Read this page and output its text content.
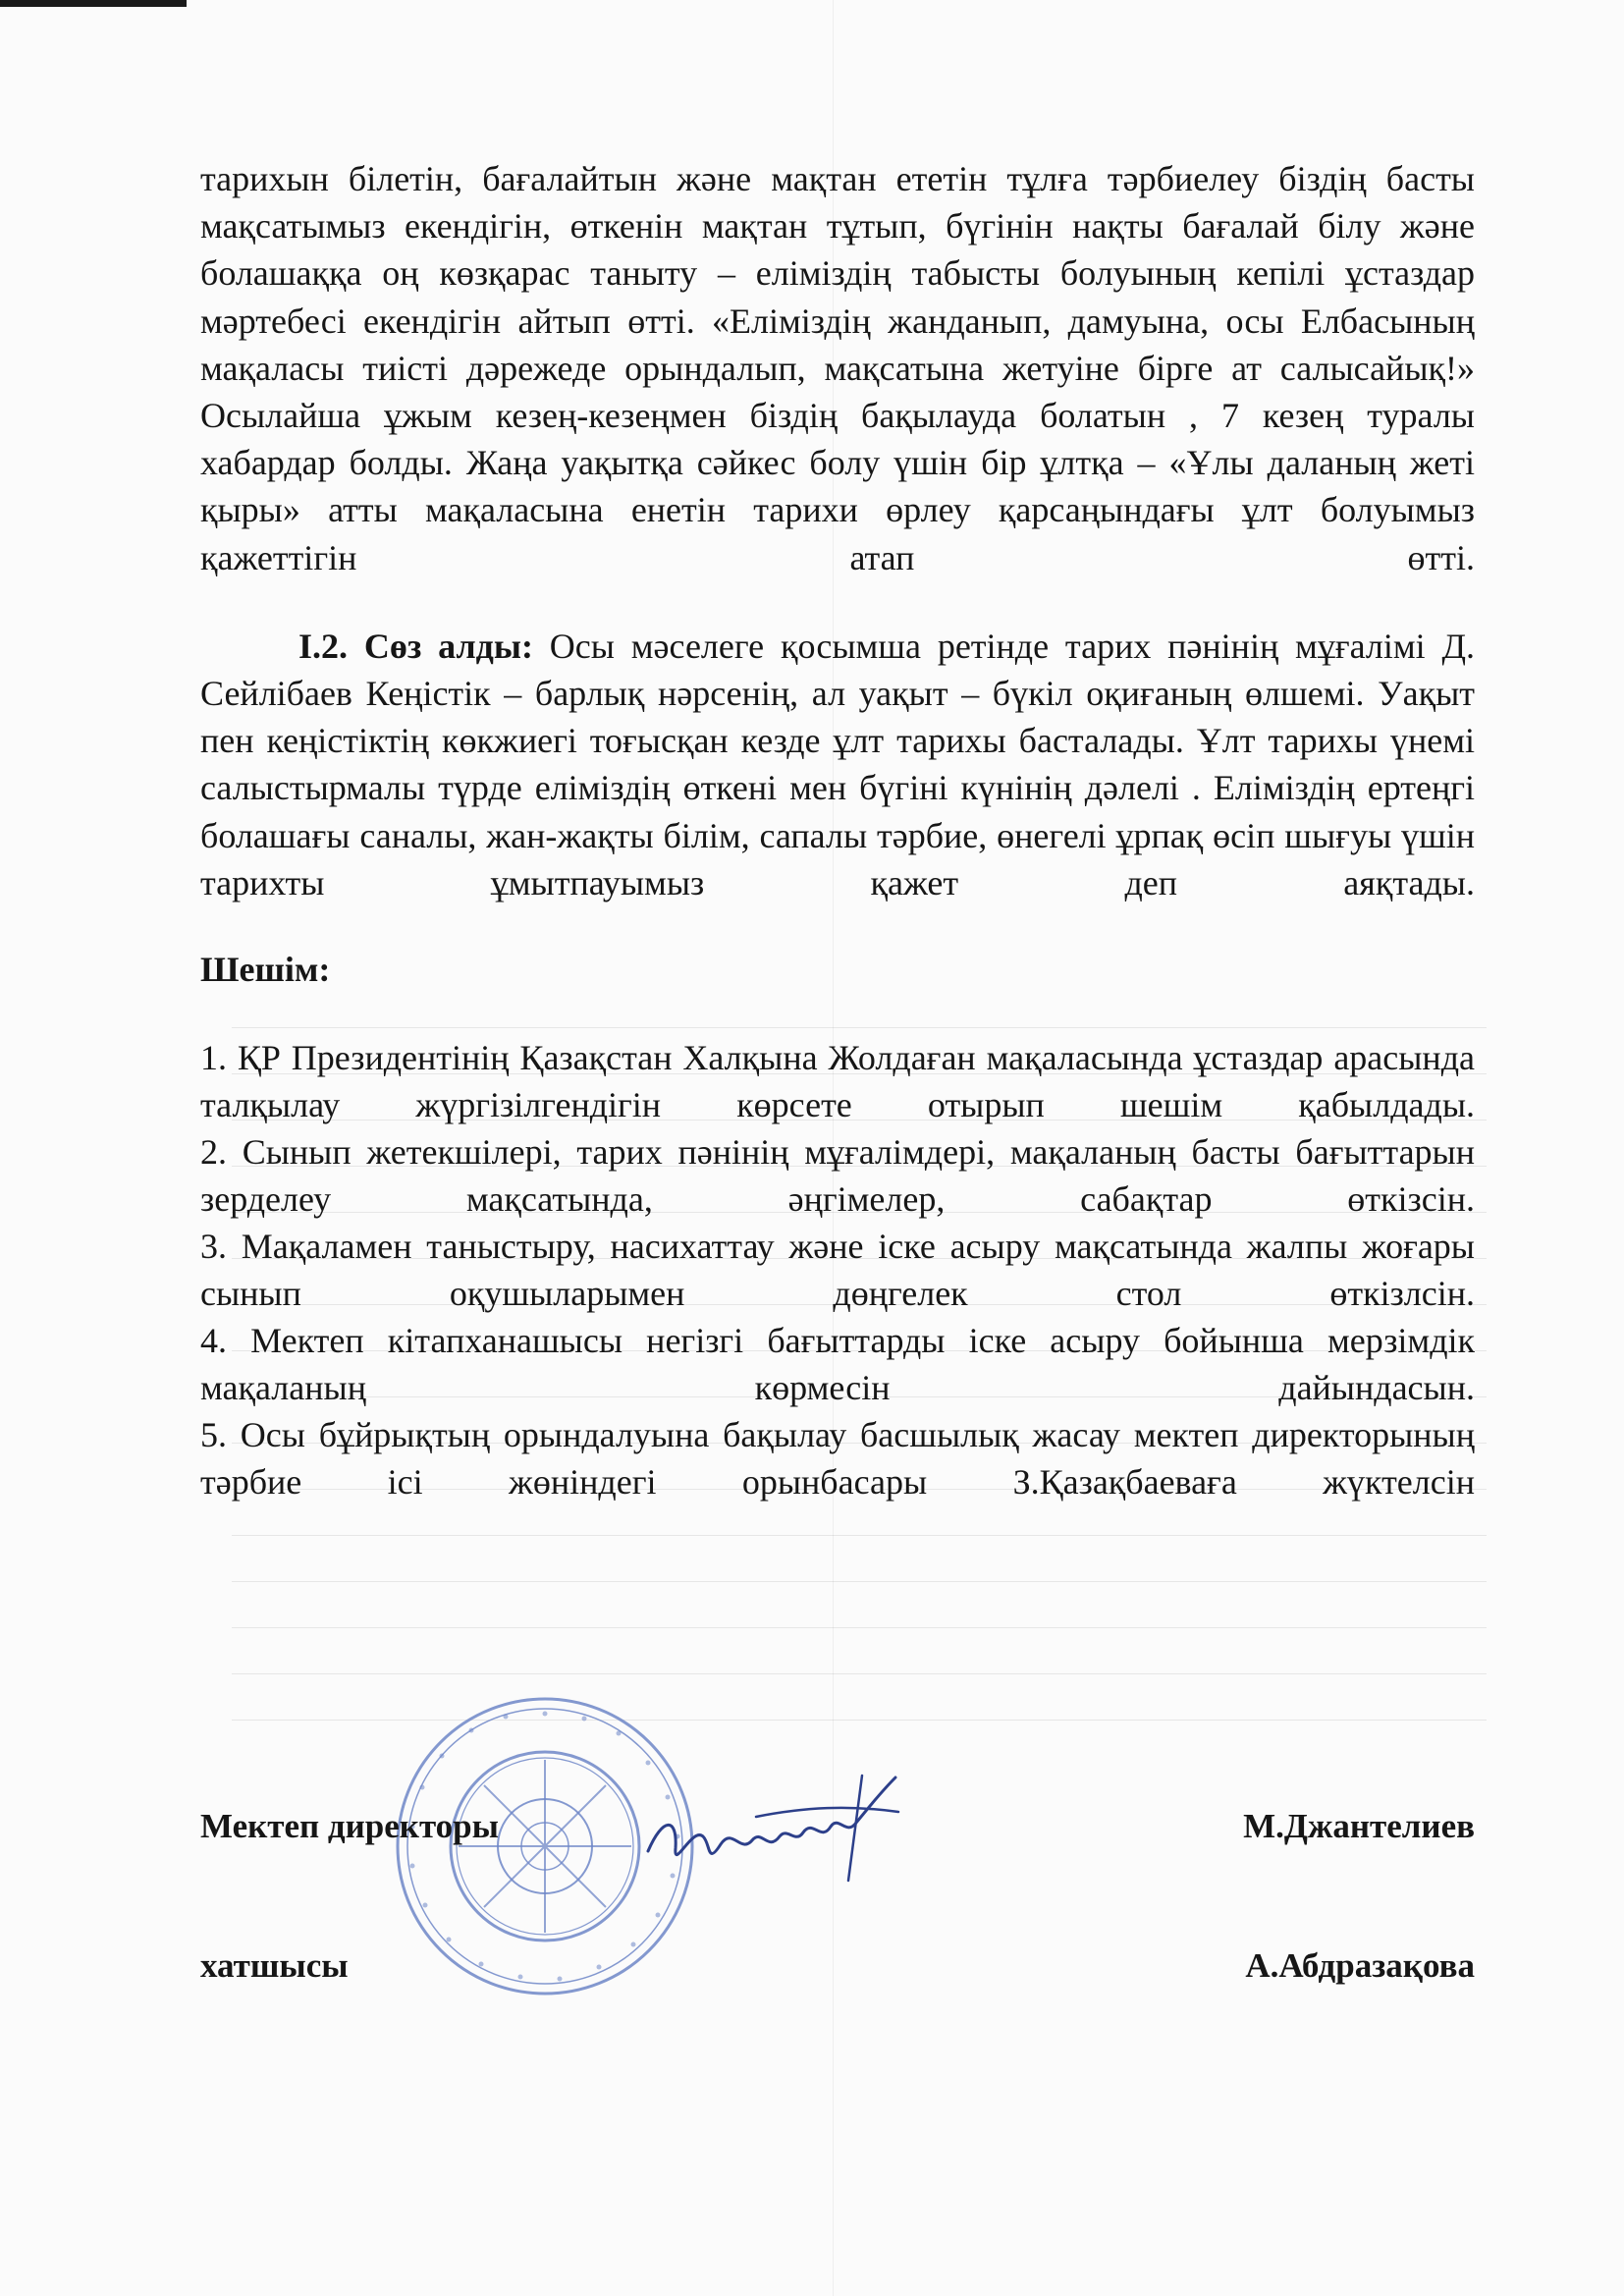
тарихын білетін, бағалайтын және мақтан ететін тұлға тәрбиелеу біздің басты мақсатымыз екендігін, өткенін мақтан тұтып, бүгінін нақты бағалай білу және болашаққа оң көзқарас таныту – еліміздің табысты болуының кепілі ұстаздар мәртебесі екендігін айтып өтті. «Еліміздің жанданып, дамуына, осы Елбасының мақаласы тиісті дәрежеде орындалып, мақсатына жетуіне бірге ат салысайық!» Осылайша ұжым кезең-кезеңмен біздің бақылауда болатын , 7 кезең туралы хабардар болды. Жаңа уақытқа сәйкес болу үшін бір ұлтқа – «Ұлы даланың жеті қыры» атты мақаласына енетін тарихи өрлеу қарсаңындағы ұлт болуымыз қажеттігін атап өтті.

I.2. Сөз алды: Осы мәселеге қосымша ретінде тарих пәнінің мұғалімі Д. Сейлібаев Кеңістік – барлық нәрсенің, ал уақыт – бүкіл оқиғаның өлшемі. Уақыт пен кеңістіктің көкжиегі тоғысқан кезде ұлт тарихы басталады. Ұлт тарихы үнемі салыстырмалы түрде еліміздің өткені мен бүгіні күнінің дәлелі . Еліміздің ертеңгі болашағы саналы, жан-жақты білім, сапалы тәрбие, өнегелі ұрпақ өсіп шығуы үшін тарихты ұмытпауымыз қажет деп аяқтады.

Шешім:

1. ҚР Президентінің Қазақстан Халқына Жолдаған мақаласында ұстаздар арасында талқылау жүргізілгендігін көрсете отырып шешім қабылдады.

2. Сынып жетекшілері, тарих пәнінің мұғалімдері, мақаланың басты бағыттарын зерделеу мақсатында, әңгімелер, сабақтар өткізсін.

3. Мақаламен таныстыру, насихаттау және іске асыру мақсатында жалпы жоғары сынып оқушыларымен дөңгелек стол өткізлсін.

4. Мектеп кітапханашысы негізгі бағыттарды іске асыру бойынша мерзімдік мақаланың көрмесін дайындасын.

5. Осы бұйрықтың орындалуына бақылау басшылық жасау мектеп директорының тәрбие ісі жөніндегі орынбасары З.Қазақбаеваға жүктелсін

Мектеп директоры	М.Джантелиев
хатшысы	А.Абдразақова
